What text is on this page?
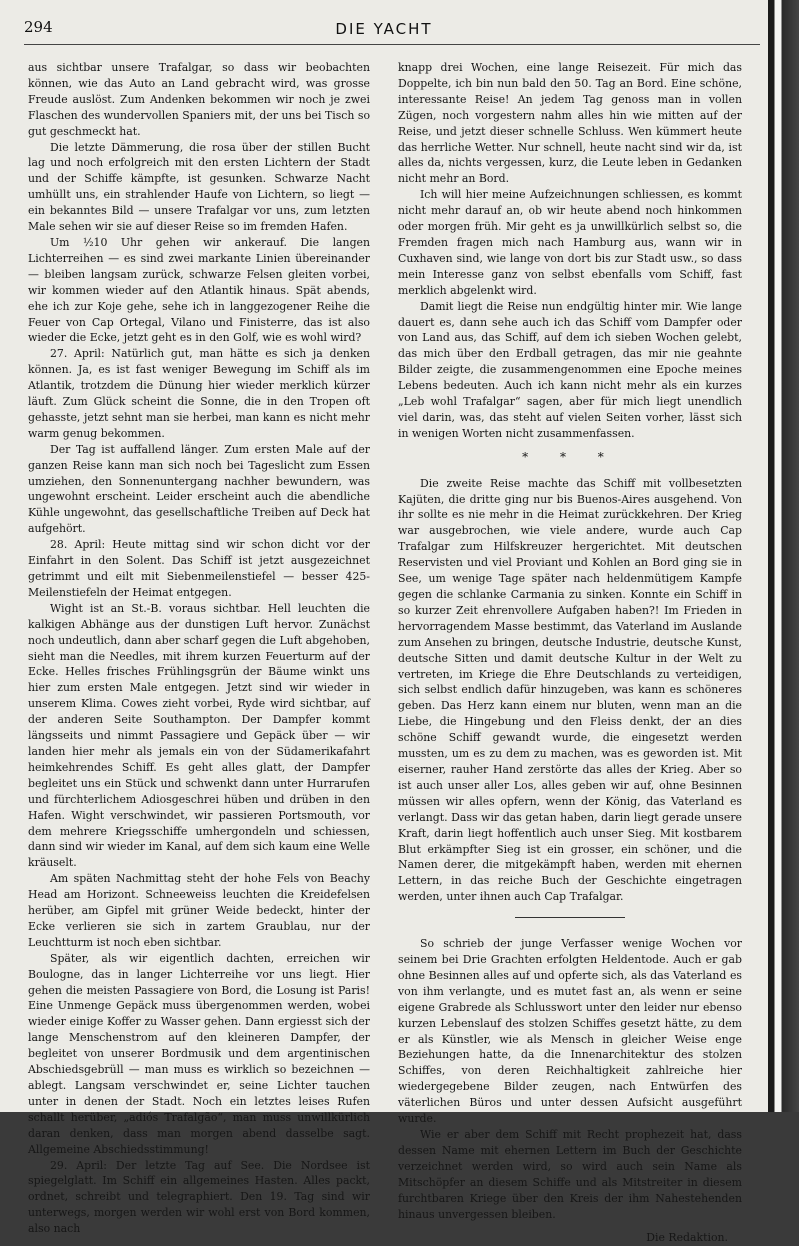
294	DIE YACHT

aus sichtbar unsere Trafalgar, so dass wir beobachten können, wie das Auto an Land gebracht wird, was grosse Freude auslöst. Zum Andenken bekommen wir noch je zwei Flaschen des wundervollen Spaniers mit, der uns bei Tisch so gut geschmeckt hat.

Die letzte Dämmerung, die rosa über der stillen Bucht lag und noch erfolgreich mit den ersten Lichtern der Stadt und der Schiffe kämpfte, ist gesunken. Schwarze Nacht umhüllt uns, ein strahlender Haufe von Lichtern, so liegt — ein bekanntes Bild — unsere Trafalgar vor uns, zum letzten Male sehen wir sie auf dieser Reise so im fremden Hafen.

Um ½10 Uhr gehen wir ankerauf. Die langen Lichterreihen — es sind zwei markante Linien übereinander — bleiben langsam zurück, schwarze Felsen gleiten vorbei, wir kommen wieder auf den Atlantik hinaus. Spät abends, ehe ich zur Koje gehe, sehe ich in langgezogener Reihe die Feuer von Cap Ortegal, Vilano und Finisterre, das ist also wieder die Ecke, jetzt geht es in den Golf, wie es wohl wird?

27. April: Natürlich gut, man hätte es sich ja denken können. Ja, es ist fast weniger Bewegung im Schiff als im Atlantik, trotzdem die Dünung hier wieder merklich kürzer läuft. Zum Glück scheint die Sonne, die in den Tropen oft gehasste, jetzt sehnt man sie herbei, man kann es nicht mehr warm genug bekommen.

Der Tag ist auffallend länger. Zum ersten Male auf der ganzen Reise kann man sich noch bei Tageslicht zum Essen umziehen, den Sonnenuntergang nachher bewundern, was ungewohnt erscheint. Leider erscheint auch die abendliche Kühle ungewohnt, das gesellschaftliche Treiben auf Deck hat aufgehört.

28. April: Heute mittag sind wir schon dicht vor der Einfahrt in den Solent. Das Schiff ist jetzt ausgezeichnet getrimmt und eilt mit Siebenmeilenstiefel — besser 425-Meilenstiefeln der Heimat entgegen.

Wight ist an St.-B. voraus sichtbar. Hell leuchten die kalkigen Abhänge aus der dunstigen Luft hervor. Zunächst noch undeutlich, dann aber scharf gegen die Luft abgehoben, sieht man die Needles, mit ihrem kurzen Feuerturm auf der Ecke. Helles frisches Frühlingsgrün der Bäume winkt uns hier zum ersten Male entgegen. Jetzt sind wir wieder in unserem Klima. Cowes zieht vorbei, Ryde wird sichtbar, auf der anderen Seite Southampton. Der Dampfer kommt längsseits und nimmt Passagiere und Gepäck über — wir landen hier mehr als jemals ein von der Südamerikafahrt heimkehrendes Schiff. Es geht alles glatt, der Dampfer begleitet uns ein Stück und schwenkt dann unter Hurrarufen und fürchterlichem Adiosgeschrei hüben und drüben in den Hafen. Wight verschwindet, wir passieren Portsmouth, vor dem mehrere Kriegsschiffe umhergondeln und schiessen, dann sind wir wieder im Kanal, auf dem sich kaum eine Welle kräuselt.

Am späten Nachmittag steht der hohe Fels von Beachy Head am Horizont. Schneeweiss leuchten die Kreidefelsen herüber, am Gipfel mit grüner Weide bedeckt, hinter der Ecke verlieren sie sich in zartem Graublau, nur der Leuchtturm ist noch eben sichtbar.

Später, als wir eigentlich dachten, erreichen wir Boulogne, das in langer Lichterreihe vor uns liegt. Hier gehen die meisten Passagiere von Bord, die Losung ist Paris! Eine Unmenge Gepäck muss übergenommen werden, wobei wieder einige Koffer zu Wasser gehen. Dann ergiesst sich der lange Menschenstrom auf den kleineren Dampfer, der begleitet von unserer Bordmusik und dem argentinischen Abschiedsgebrüll — man muss es wirklich so bezeichnen — ablegt. Langsam verschwindet er, seine Lichter tauchen unter in denen der Stadt. Noch ein letztes leises Rufen schallt herüber, „adiós Trafalgão“, man muss unwillkürlich daran denken, dass man morgen abend dasselbe sagt. Allgemeine Abschiedsstimmung!

29. April: Der letzte Tag auf See. Die Nordsee ist spiegelglatt. Im Schiff ein allgemeines Hasten. Alles packt, ordnet, schreibt und telegraphiert. Den 19. Tag sind wir unterwegs, morgen werden wir wohl erst von Bord kommen, also nach

knapp drei Wochen, eine lange Reisezeit. Für mich das Doppelte, ich bin nun bald den 50. Tag an Bord. Eine schöne, interessante Reise! An jedem Tag genoss man in vollen Zügen, noch vorgestern nahm alles hin wie mitten auf der Reise, und jetzt dieser schnelle Schluss. Wen kümmert heute das herrliche Wetter. Nur schnell, heute nacht sind wir da, ist alles da, nichts vergessen, kurz, die Leute leben in Gedanken nicht mehr an Bord.

Ich will hier meine Aufzeichnungen schliessen, es kommt nicht mehr darauf an, ob wir heute abend noch hinkommen oder morgen früh. Mir geht es ja unwillkürlich selbst so, die Fremden fragen mich nach Hamburg aus, wann wir in Cuxhaven sind, wie lange von dort bis zur Stadt usw., so dass mein Interesse ganz von selbst ebenfalls vom Schiff, fast merklich abgelenkt wird.

Damit liegt die Reise nun endgültig hinter mir. Wie lange dauert es, dann sehe auch ich das Schiff vom Dampfer oder von Land aus, das Schiff, auf dem ich sieben Wochen gelebt, das mich über den Erdball getragen, das mir nie geahnte Bilder zeigte, die zusammengenommen eine Epoche meines Lebens bedeuten. Auch ich kann nicht mehr als ein kurzes „Leb wohl Trafalgar“ sagen, aber für mich liegt unendlich viel darin, was, das steht auf vielen Seiten vorher, lässt sich in wenigen Worten nicht zusammenfassen.

* * *

Die zweite Reise machte das Schiff mit vollbesetzten Kajüten, die dritte ging nur bis Buenos-Aires ausgehend. Von ihr sollte es nie mehr in die Heimat zurückkehren. Der Krieg war ausgebrochen, wie viele andere, wurde auch Cap Trafalgar zum Hilfskreuzer hergerichtet. Mit deutschen Reservisten und viel Proviant und Kohlen an Bord ging sie in See, um wenige Tage später nach heldenmütigem Kampfe gegen die schlanke Carmania zu sinken. Konnte ein Schiff in so kurzer Zeit ehrenvollere Aufgaben haben?! Im Frieden in hervorragendem Masse bestimmt, das Vaterland im Auslande zum Ansehen zu bringen, deutsche Industrie, deutsche Kunst, deutsche Sitten und damit deutsche Kultur in der Welt zu vertreten, im Kriege die Ehre Deutschlands zu verteidigen, sich selbst endlich dafür hinzugeben, was kann es schöneres geben. Das Herz kann einem nur bluten, wenn man an die Liebe, die Hingebung und den Fleiss denkt, der an dies schöne Schiff gewandt wurde, die eingesetzt werden mussten, um es zu dem zu machen, was es geworden ist. Mit eiserner, rauher Hand zerstörte das alles der Krieg. Aber so ist auch unser aller Los, alles geben wir auf, ohne Besinnen müssen wir alles opfern, wenn der König, das Vaterland es verlangt. Dass wir das getan haben, darin liegt gerade unsere Kraft, darin liegt hoffentlich auch unser Sieg. Mit kostbarem Blut erkämpfter Sieg ist ein grosser, ein schöner, und die Namen derer, die mitgekämpft haben, werden mit ehernen Lettern, in das reiche Buch der Geschichte eingetragen werden, unter ihnen auch Cap Trafalgar.

So schrieb der junge Verfasser wenige Wochen vor seinem bei Drie Grachten erfolgten Heldentode. Auch er gab ohne Besinnen alles auf und opferte sich, als das Vaterland es von ihm verlangte, und es mutet fast an, als wenn er seine eigene Grabrede als Schlusswort unter den leider nur ebenso kurzen Lebenslauf des stolzen Schiffes gesetzt hätte, zu dem er als Künstler, wie als Mensch in gleicher Weise enge Beziehungen hatte, da die Innenarchitektur des stolzen Schiffes, von deren Reichhaltigkeit zahlreiche hier wiedergegebene Bilder zeugen, nach Entwürfen des väterlichen Büros und unter dessen Aufsicht ausgeführt wurde.

Wie er aber dem Schiff mit Recht prophezeit hat, dass dessen Name mit ehernen Lettern im Buch der Geschichte verzeichnet werden wird, so wird auch sein Name als Mitschöpfer an diesem Schiffe und als Mitstreiter in diesem furchtbaren Kriege über den Kreis der ihm Nahestehenden hinaus unvergessen bleiben.

Die Redaktion.
